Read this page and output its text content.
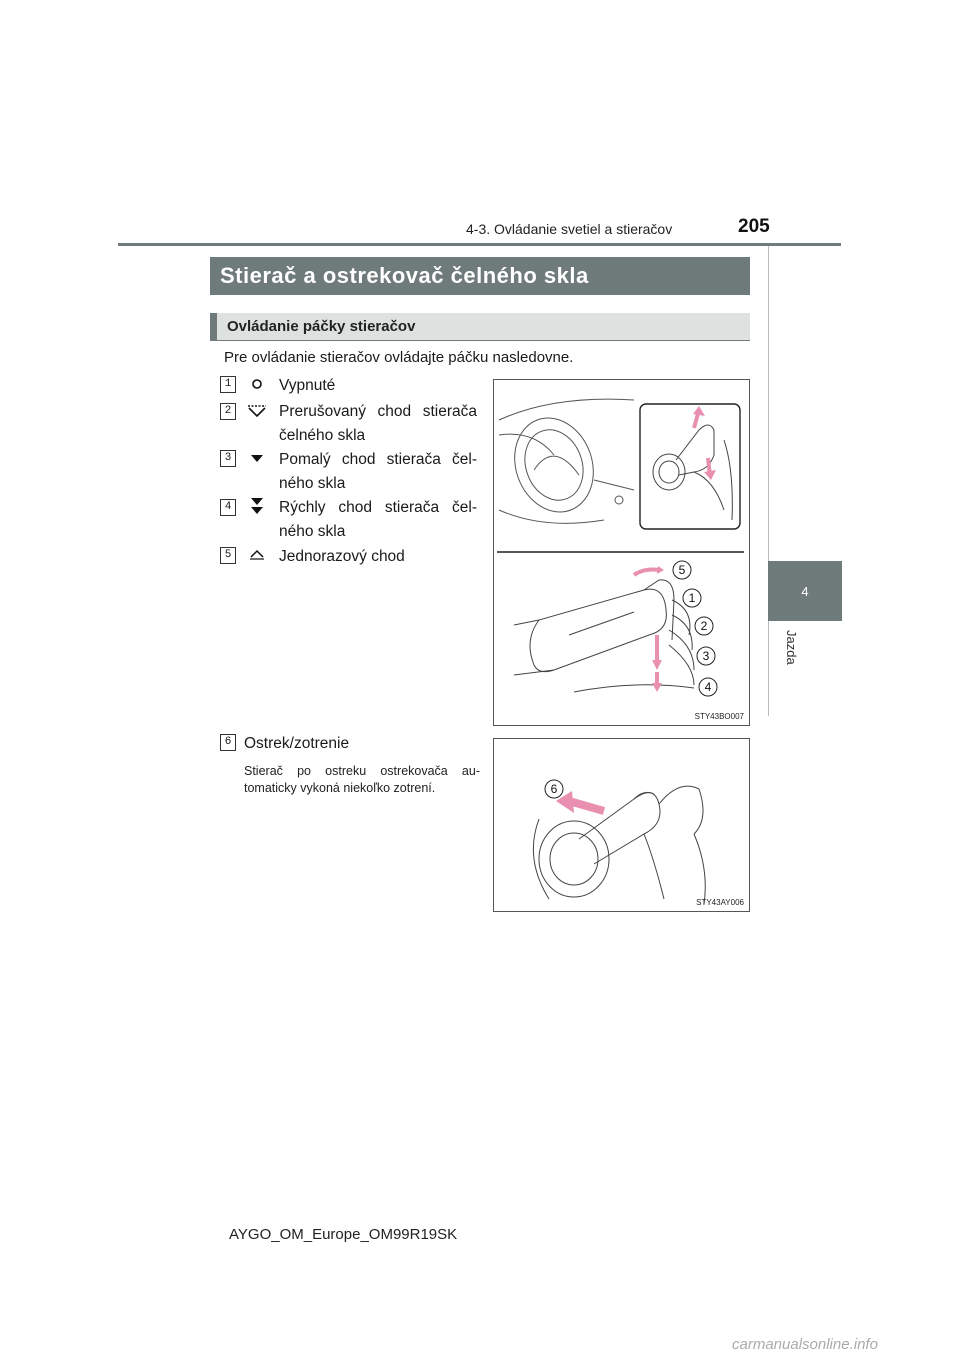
4-3. Ovládanie svetiel a stieračov	205
4
Jazda
Stierač a ostrekovač čelného skla
Ovládanie páčky stieračov
Pre ovládanie stieračov ovládajte páčku nasledovne.
1	Vypnuté
2	Prerušovaný chod stierača čelného skla
3	Pomalý chod stierača čel-ného skla
4	Rýchly chod stierača čel-ného skla
5	Jednorazový chod
6 Ostrek/zotrenie
Stierač po ostreku ostrekovača au-tomaticky vykoná niekoľko zotrení.
5
1
2
3
4
STY43BO007
6
STY43AY006
AYGO_OM_Europe_OM99R19SK
carmanualsonline.info
